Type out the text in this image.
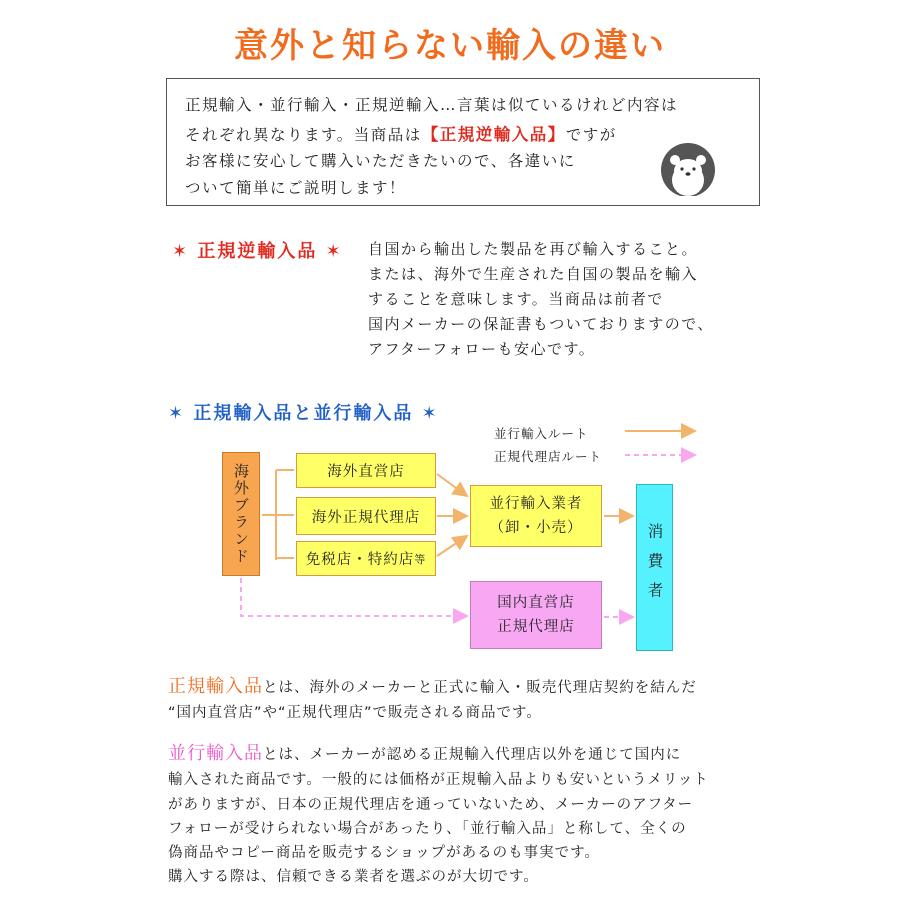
意外と知らない輸入の違い
正規輸入・並行輸入・正規逆輸入…言葉は似ているけれど内容は
それぞれ異なります。当商品は【正規逆輸入品】ですが
お客様に安心して購入いただきたいので、各違いに
ついて簡単にご説明します！
✶ 正規逆輸入品 ✶ 自国から輸出した製品を再び輸入すること。
または、海外で生産された自国の製品を輸入
することを意味します。当商品は前者で
国内メーカーの保証書もついておりますので、
アフターフォローも安心です。
✶ 正規輸入品と並行輸入品 ✶
並行輸入ルート
正規代理店ルート
海外ブランド	海外直営店
海外正規代理店
免税店・特約店 等
並行輸入業者
（卸・小売）
国内直営店
正規代理店
消費者
正規輸入品とは、海外のメーカーと正式に輸入・販売代理店契約を結んだ
“国内直営店”や“正規代理店”で販売される商品です。
並行輸入品とは、メーカーが認める正規輸入代理店以外を通じて国内に
輸入された商品です。一般的には価格が正規輸入品よりも安いというメリット
がありますが、日本の正規代理店を通っていないため、メーカーのアフター
フォローが受けられない場合があったり、「並行輸入品」と称して、全くの
偽商品やコピー商品を販売するショップがあるのも事実です。
購入する際は、信頼できる業者を選ぶのが大切です。
